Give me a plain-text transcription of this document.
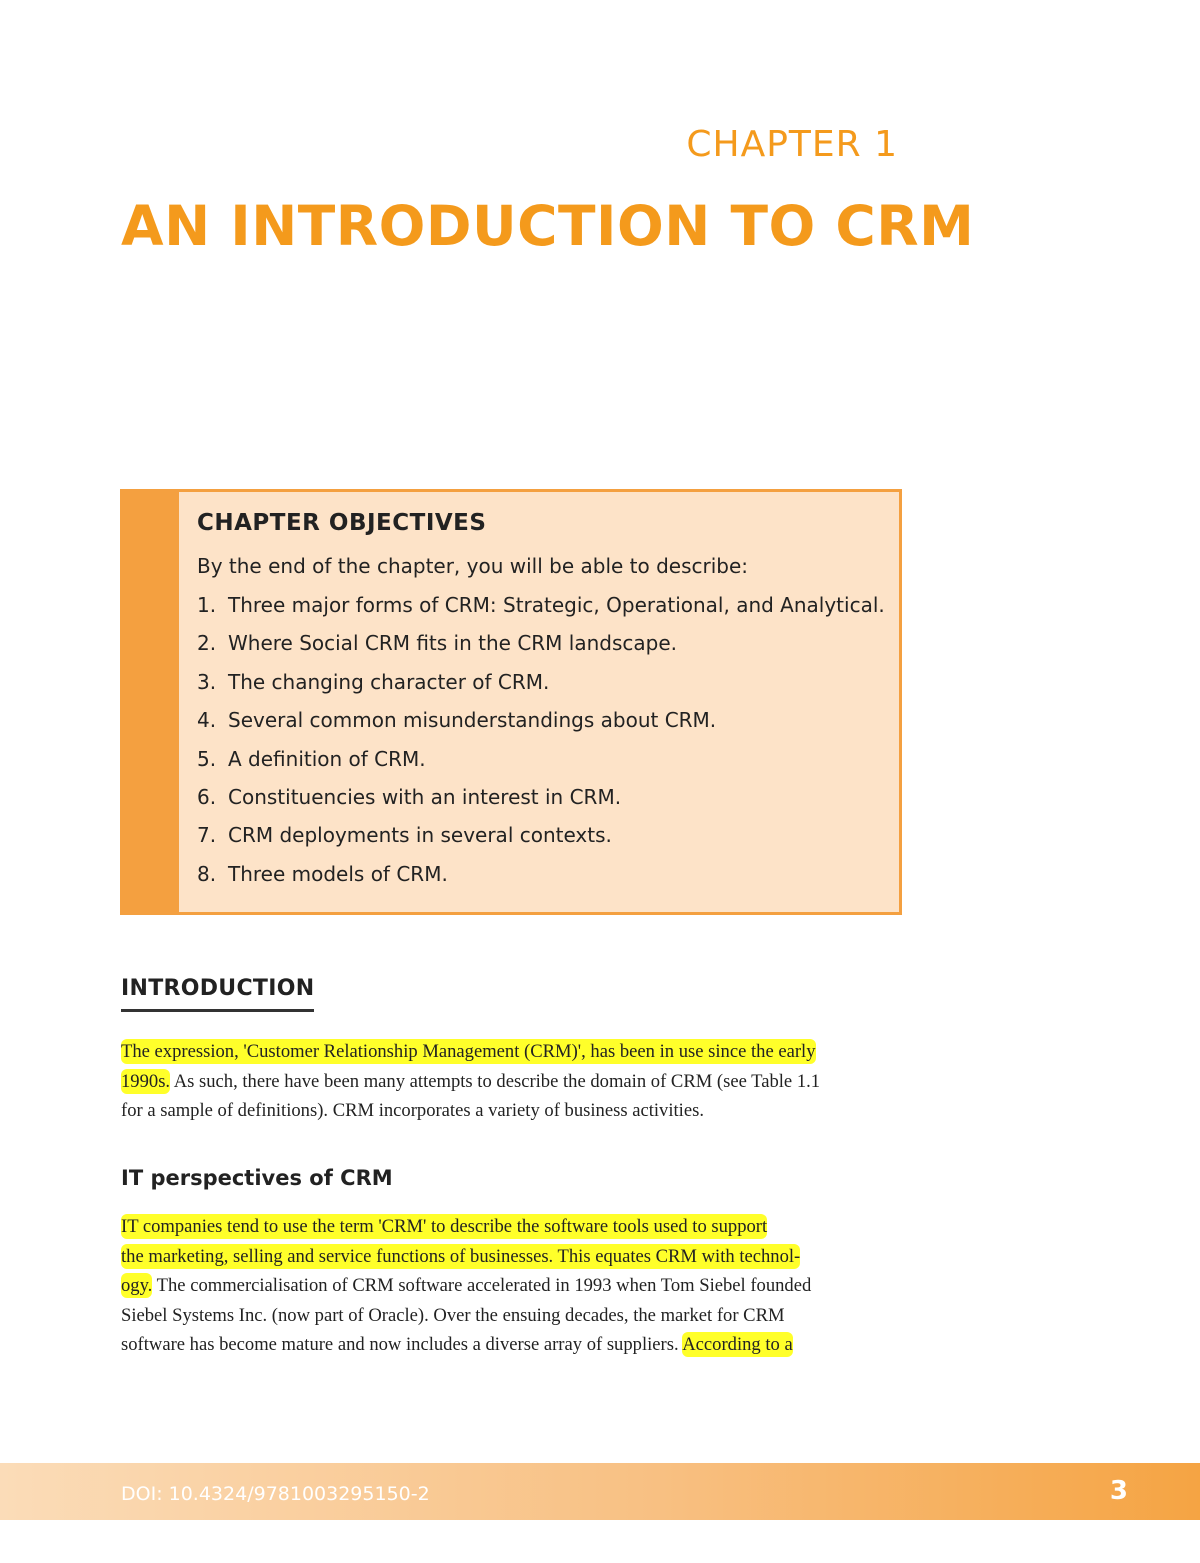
CHAPTER 1

AN INTRODUCTION TO CRM
CHAPTER OBJECTIVES

By the end of the chapter, you will be able to describe:

1. Three major forms of CRM: Strategic, Operational, and Analytical.
2. Where Social CRM fits in the CRM landscape.
3. The changing character of CRM.
4. Several common misunderstandings about CRM.
5. A definition of CRM.
6. Constituencies with an interest in CRM.
7. CRM deployments in several contexts.
8. Three models of CRM.
INTRODUCTION

The expression, 'Customer Relationship Management (CRM)', has been in use since the early
1990s. As such, there have been many attempts to describe the domain of CRM (see Table 1.1
for a sample of definitions). CRM incorporates a variety of business activities.

IT perspectives of CRM

IT companies tend to use the term 'CRM' to describe the software tools used to support
the marketing, selling and service functions of businesses. This equates CRM with technol-
ogy. The commercialisation of CRM software accelerated in 1993 when Tom Siebel founded
Siebel Systems Inc. (now part of Oracle). Over the ensuing decades, the market for CRM
software has become mature and now includes a diverse array of suppliers. According to a

DOI: 10.4324/9781003295150-2	3
